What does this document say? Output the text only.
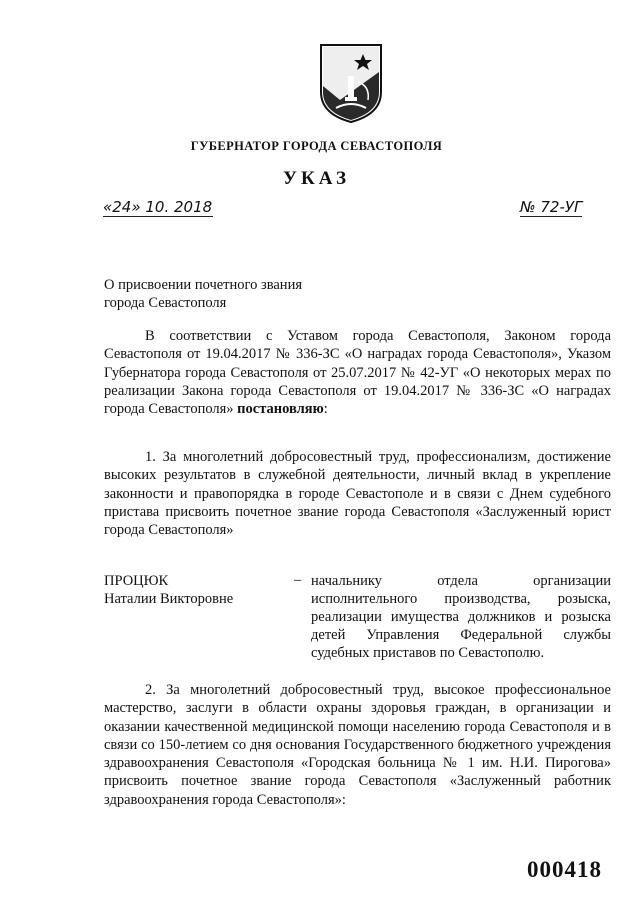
ГУБЕРНАТОР ГОРОДА СЕВАСТОПОЛЯ
УКАЗ
«24» 10. 2018	№ 72-УГ
О присвоении почетного звания
города Севастополя
В соответствии с Уставом города Севастополя, Законом города Севастополя от 19.04.2017 № 336-ЗС «О наградах города Севастополя», Указом Губернатора города Севастополя от 25.07.2017 № 42-УГ «О некоторых мерах по реализации Закона города Севастополя от 19.04.2017 № 336-ЗС «О наградах города Севастополя» постановляю:
1. За многолетний добросовестный труд, профессионализм, достижение высоких результатов в служебной деятельности, личный вклад в укрепление законности и правопорядка в городе Севастополе и в связи с Днем судебного пристава присвоить почетное звание города Севастополя «Заслуженный юрист города Севастополя»
ПРОЦЮК
Наталии Викторовне
– начальнику отдела организации исполнительного производства, розыска, реализации имущества должников и розыска детей Управления Федеральной службы судебных приставов по Севастополю.
2. За многолетний добросовестный труд, высокое профессиональное мастерство, заслуги в области охраны здоровья граждан, в организации и оказании качественной медицинской помощи населению города Севастополя и в связи со 150-летием со дня основания Государственного бюджетного учреждения здравоохранения Севастополя «Городская больница № 1 им. Н.И. Пирогова» присвоить почетное звание города Севастополя «Заслуженный работник здравоохранения города Севастополя»:
000418
